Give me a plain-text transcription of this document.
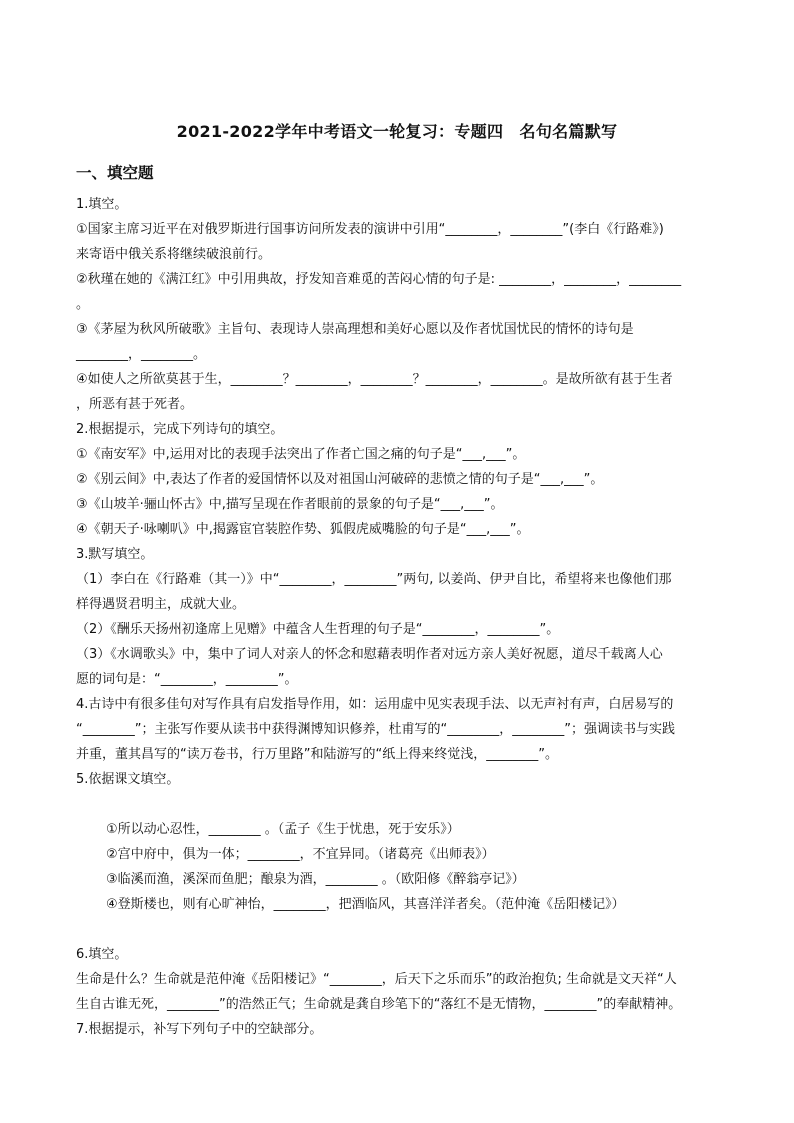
2021-2022学年中考语文一轮复习：专题四　名句名篇默写
一、填空题
1.填空。
①国家主席习近平在对俄罗斯进行国事访问所发表的演讲中引用“________，________”(李白《行路难》)
来寄语中俄关系将继续破浪前行。
②秋瑾在她的《满江红》中引用典故，抒发知音难觅的苦闷心情的句子是: ________，________，________
。
③《茅屋为秋风所破歌》主旨句、表现诗人崇高理想和美好心愿以及作者忧国忧民的情怀的诗句是
________，________。
④如使人之所欲莫甚于生，________？________，________？________，________。是故所欲有甚于生者
，所恶有甚于死者。
2.根据提示，完成下列诗句的填空。
①《南安军》中,运用对比的表现手法突出了作者亡国之痛的句子是“___,___”。
②《别云间》中,表达了作者的爱国情怀以及对祖国山河破碎的悲愤之情的句子是“___,___”。
③《山坡羊·骊山怀古》中,描写呈现在作者眼前的景象的句子是“___,___”。
④《朝天子·咏喇叭》中,揭露宦官装腔作势、狐假虎威嘴脸的句子是“___,___”。
3.默写填空。
（1）李白在《行路难（其一）》中“________，________”两句, 以姜尚、伊尹自比，希望将来也像他们那
样得遇贤君明主，成就大业。
（2）《酬乐天扬州初逢席上见赠》中蕴含人生哲理的句子是“________，________”。
（3）《水调歌头》中，集中了词人对亲人的怀念和慰藉表明作者对远方亲人美好祝愿，道尽千载离人心
愿的词句是：“________，________”。
4.古诗中有很多佳句对写作具有启发指导作用，如：运用虚中见实表现手法、以无声衬有声，白居易写的
“________”；主张写作要从读书中获得渊博知识修养，杜甫写的“________，________”；强调读书与实践
并重，董其昌写的“读万卷书，行万里路”和陆游写的“纸上得来终觉浅，________”。
5.依据课文填空。
①所以动心忍性，________ 。（孟子《生于忧患，死于安乐》）
②宫中府中，俱为一体；________，不宜异同。（诸葛亮《出师表》）
③临溪而渔，溪深而鱼肥；酿泉为酒，________ 。（欧阳修《醉翁亭记》）
④登斯楼也，则有心旷神怡，________，把酒临风，其喜洋洋者矣。（范仲淹《岳阳楼记》）
6.填空。
生命是什么？生命就是范仲淹《岳阳楼记》“________，后天下之乐而乐”的政治抱负; 生命就是文天祥“人
生自古谁无死，________”的浩然正气；生命就是龚自珍笔下的“落红不是无情物，________”的奉献精神。
7.根据提示，补写下列句子中的空缺部分。
